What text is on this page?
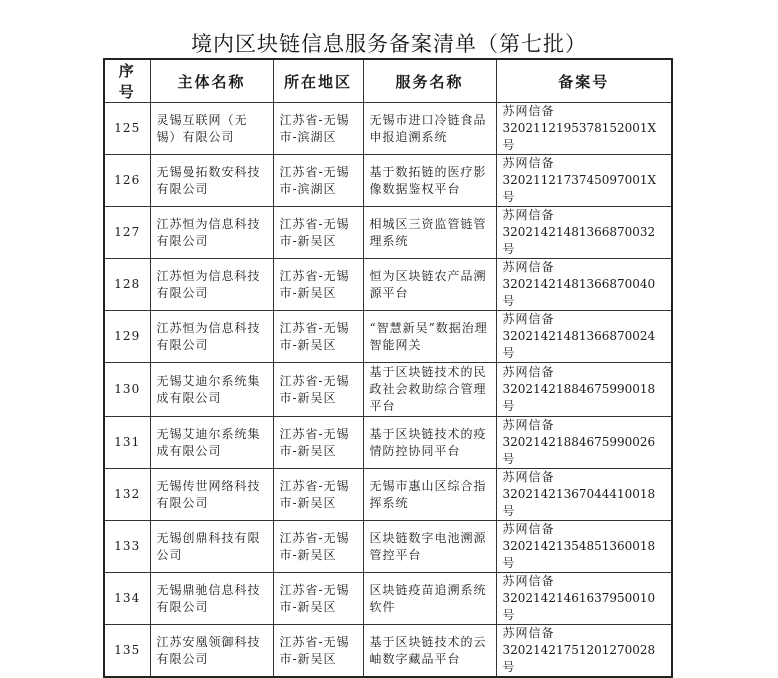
境内区块链信息服务备案清单（第七批）
序号	主体名称	所在地区	服务名称	备案号
125	灵锡互联网（无锡）有限公司	江苏省-无锡市-滨湖区	无锡市进口冷链食品申报追溯系统	苏网信备
32021121953781520​01X 号

126	无锡曼拓数安科技有限公司	江苏省-无锡市-滨湖区	基于数拓链的医疗影像数据鉴权平台	苏网信备
32021121737450970​01X 号

127	江苏恒为信息科技有限公司	江苏省-无锡市-新吴区	相城区三资监管链管理系统	苏网信备
3202142148136687​0032 号

128	江苏恒为信息科技有限公司	江苏省-无锡市-新吴区	恒为区块链农产品溯源平台	苏网信备
3202142148136687​0040 号

129	江苏恒为信息科技有限公司	江苏省-无锡市-新吴区	“智慧新吴”数据治理智能网关	苏网信备
3202142148136687​0024 号

130	无锡艾迪尔系统集成有限公司	江苏省-无锡市-新吴区	基于区块链技术的民政社会救助综合管理平台	苏网信备
3202142188467599​0018 号

131	无锡艾迪尔系统集成有限公司	江苏省-无锡市-新吴区	基于区块链技术的疫情防控协同平台	苏网信备
3202142188467599​0026 号

132	无锡传世网络科技有限公司	江苏省-无锡市-新吴区	无锡市惠山区综合指挥系统	苏网信备
3202142136704441​0018 号

133	无锡创鼎科技有限公司	江苏省-无锡市-新吴区	区块链数字电池溯源管控平台	苏网信备
3202142135485136​0018 号

134	无锡鼎驰信息科技有限公司	江苏省-无锡市-新吴区	区块链疫苗追溯系统软件	苏网信备
3202142146163795​0010 号

135	江苏安凰领御科技有限公司	江苏省-无锡市-新吴区	基于区块链技术的云岫数字藏品平台	苏网信备
3202142175120127​0028 号
